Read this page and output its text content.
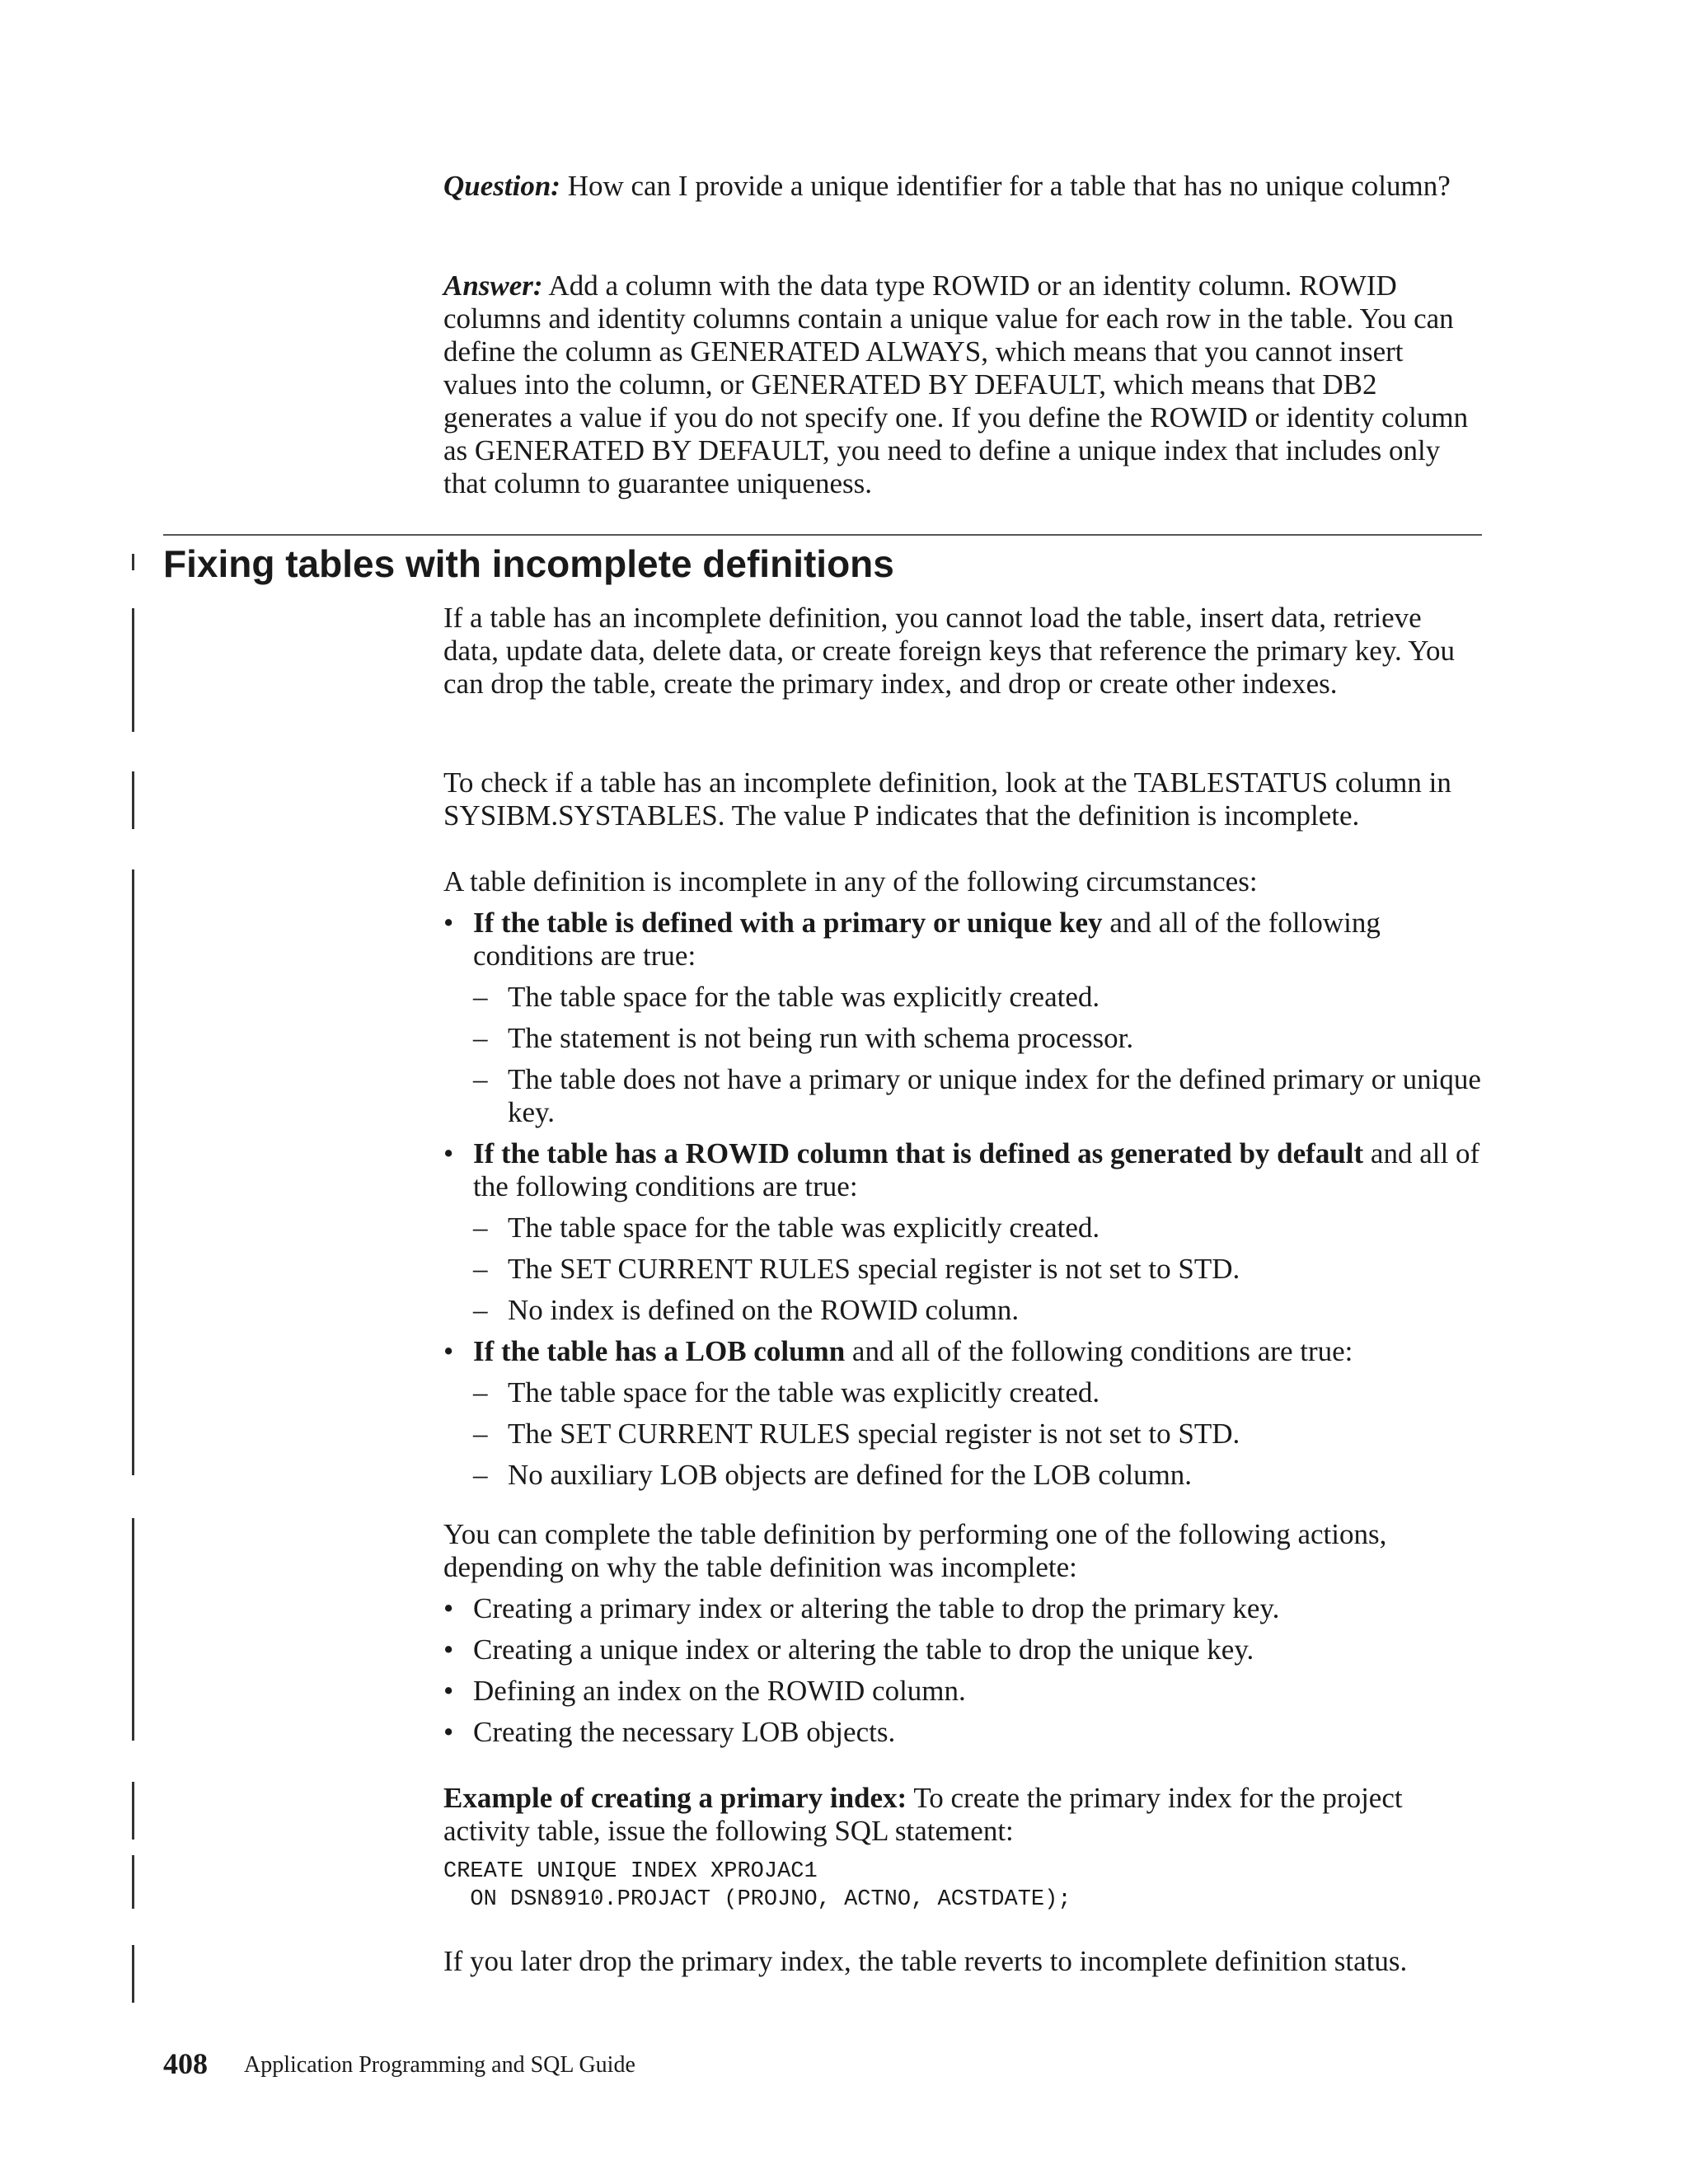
Question: How can I provide a unique identifier for a table that has no unique column?
Answer: Add a column with the data type ROWID or an identity column. ROWID columns and identity columns contain a unique value for each row in the table. You can define the column as GENERATED ALWAYS, which means that you cannot insert values into the column, or GENERATED BY DEFAULT, which means that DB2 generates a value if you do not specify one. If you define the ROWID or identity column as GENERATED BY DEFAULT, you need to define a unique index that includes only that column to guarantee uniqueness.
Fixing tables with incomplete definitions
If a table has an incomplete definition, you cannot load the table, insert data, retrieve data, update data, delete data, or create foreign keys that reference the primary key. You can drop the table, create the primary index, and drop or create other indexes.
To check if a table has an incomplete definition, look at the TABLESTATUS column in SYSIBM.SYSTABLES. The value P indicates that the definition is incomplete.
A table definition is incomplete in any of the following circumstances:
• If the table is defined with a primary or unique key and all of the following conditions are true:
– The table space for the table was explicitly created.
– The statement is not being run with schema processor.
– The table does not have a primary or unique index for the defined primary or unique key.
• If the table has a ROWID column that is defined as generated by default and all of the following conditions are true:
– The table space for the table was explicitly created.
– The SET CURRENT RULES special register is not set to STD.
– No index is defined on the ROWID column.
• If the table has a LOB column and all of the following conditions are true:
– The table space for the table was explicitly created.
– The SET CURRENT RULES special register is not set to STD.
– No auxiliary LOB objects are defined for the LOB column.
You can complete the table definition by performing one of the following actions, depending on why the table definition was incomplete:
• Creating a primary index or altering the table to drop the primary key.
• Creating a unique index or altering the table to drop the unique key.
• Defining an index on the ROWID column.
• Creating the necessary LOB objects.
Example of creating a primary index: To create the primary index for the project activity table, issue the following SQL statement:
CREATE UNIQUE INDEX XPROJAC1
ON DSN8910.PROJACT (PROJNO, ACTNO, ACSTDATE);
If you later drop the primary index, the table reverts to incomplete definition status.
408 Application Programming and SQL Guide
